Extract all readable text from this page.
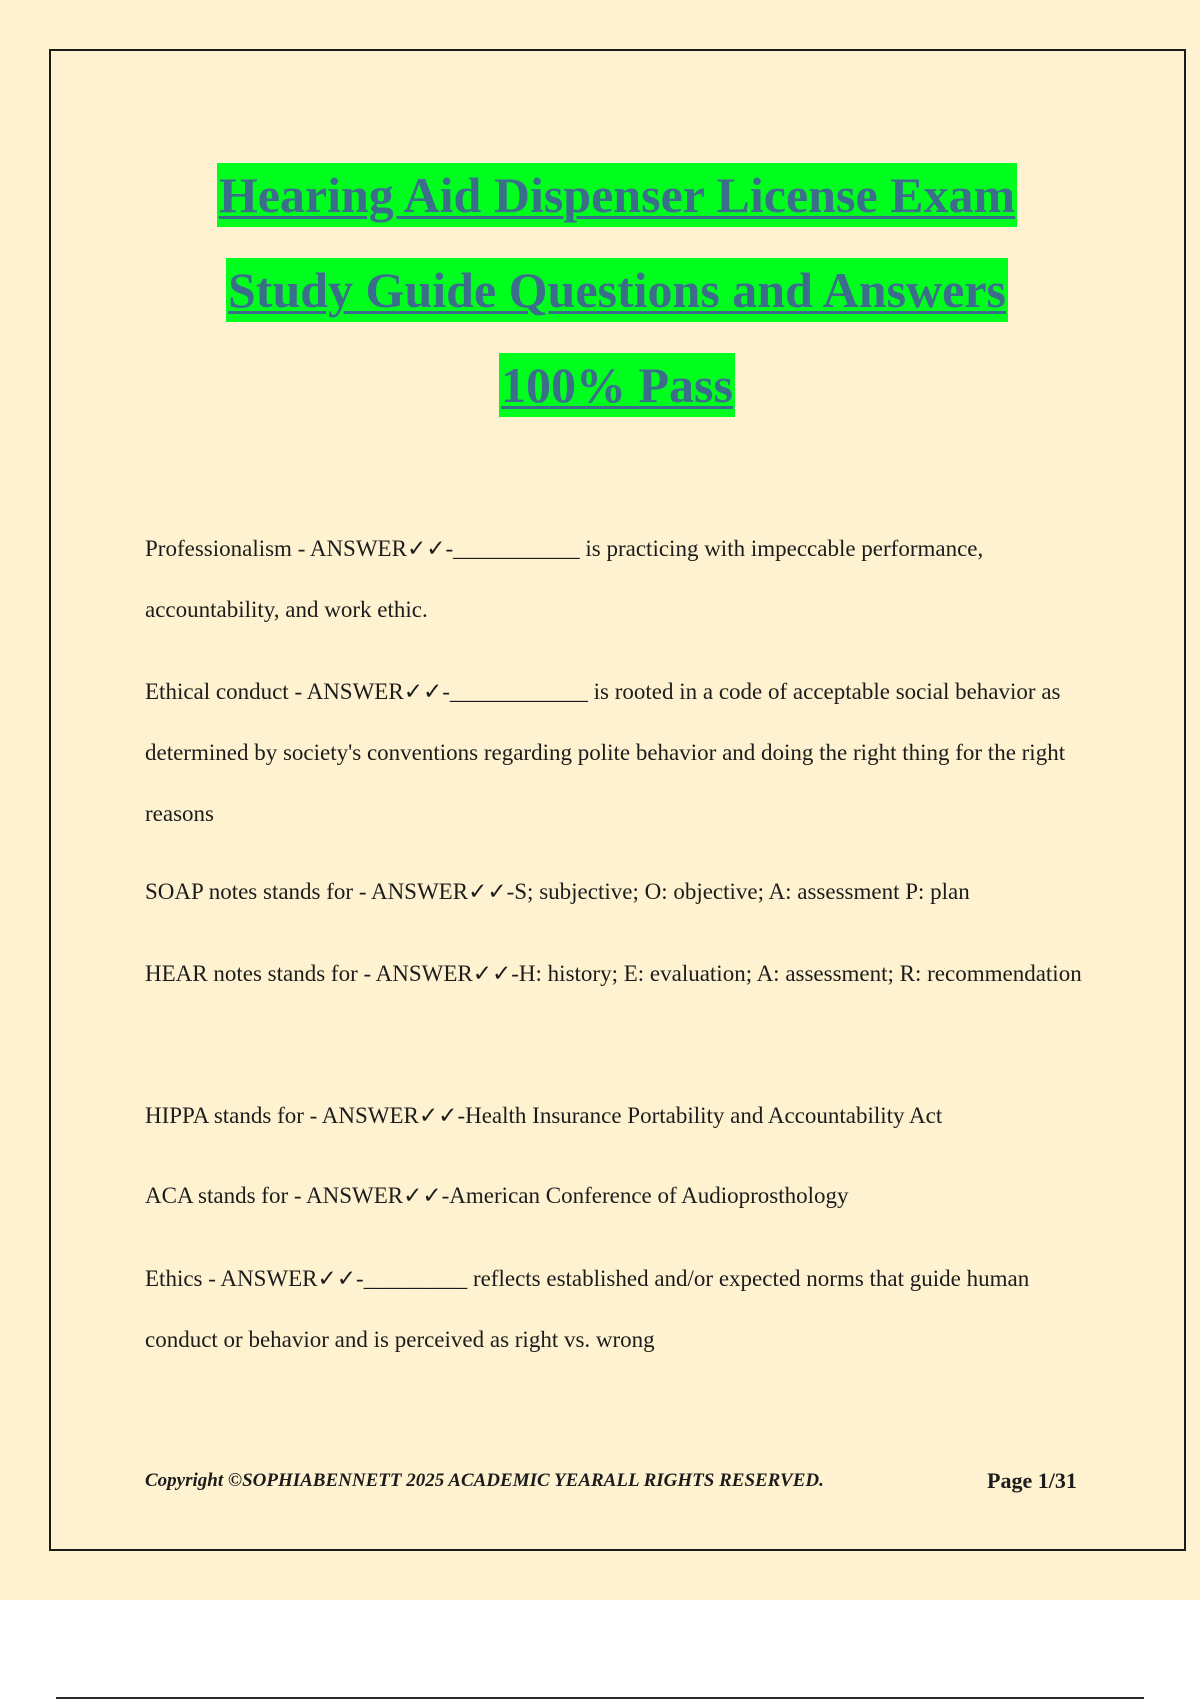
Hearing Aid Dispenser License Exam
Study Guide Questions and Answers
100% Pass
Professionalism - ANSWER✓✓-___________ is practicing with impeccable performance, accountability, and work ethic.
Ethical conduct - ANSWER✓✓-____________ is rooted in a code of acceptable social behavior as determined by society's conventions regarding polite behavior and doing the right thing for the right reasons
SOAP notes stands for - ANSWER✓✓-S; subjective; O: objective; A: assessment P: plan
HEAR notes stands for - ANSWER✓✓-H: history; E: evaluation; A: assessment; R: recommendation
HIPPA stands for - ANSWER✓✓-Health Insurance Portability and Accountability Act
ACA stands for - ANSWER✓✓-American Conference of Audioprosthology
Ethics - ANSWER✓✓-_________ reflects established and/or expected norms that guide human conduct or behavior and is perceived as right vs. wrong
Copyright ©SOPHIABENNETT 2025 ACADEMIC YEARALL RIGHTS RESERVED.	Page 1/31
